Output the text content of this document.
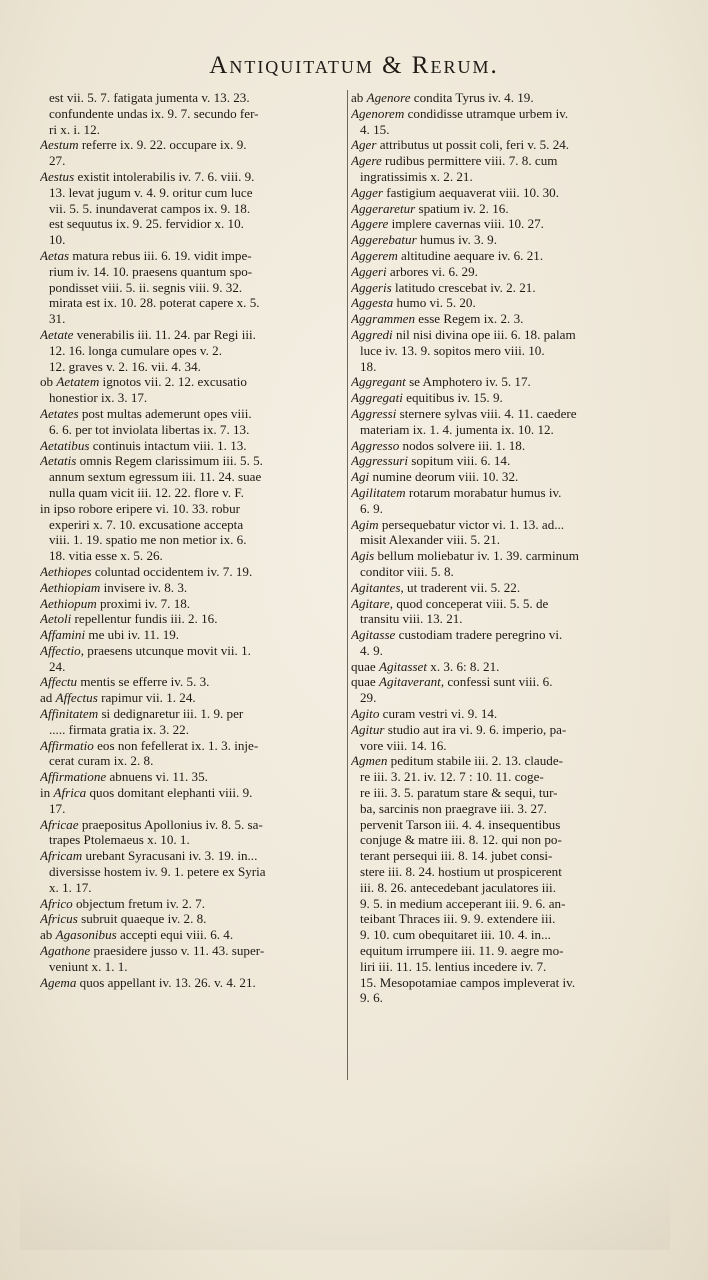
Antiquitatum & Rerum.
est vii. 5. 7. fatigata jumenta v. 13. 23.
confundente undas ix. 9. 7. secundo fer-
ri x. i. 12.
Aestum referre ix. 9. 22. occupare ix. 9.
27.
Aestus existit intolerabilis iv. 7. 6. viii. 9.
13. levat jugum v. 4. 9. oritur cum luce
vii. 5. 5. inundaverat campos ix. 9. 18.
est sequutus ix. 9. 25. fervidior x. 10.
10.
Aetas matura rebus iii. 6. 19. vidit impe-
rium iv. 14. 10. praesens quantum spo-
pondisset viii. 5. ii. segnis viii. 9. 32.
mirata est ix. 10. 28. poterat capere x. 5.
31.
Aetate venerabilis iii. 11. 24. par Regi iii.
12. 16. longa cumulare opes v. 2.
12. graves v. 2. 16. vii. 4. 34.
ob Aetatem ignotos vii. 2. 12. excusatio
honestior ix. 3. 17.
Aetates post multas ademerunt opes viii.
6. 6. per tot inviolata libertas ix. 7. 13.
Aetatibus continuis intactum viii. 1. 13.
Aetatis omnis Regem clarissimum iii. 5. 5.
annum sextum egressum iii. 11. 24. suae
nulla quam vicit iii. 12. 22. flore v. F.
in ipso robore eripere vi. 10. 33. robur
experiri x. 7. 10. excusatione accepta
viii. 1. 19. spatio me non metior ix. 6.
18. vitia esse x. 5. 26.
Aethiopes coluntad occidentem iv. 7. 19.
Aethiopiam invisere iv. 8. 3.
Aethiopum proximi iv. 7. 18.
Aetoli repellentur fundis iii. 2. 16.
Affamini me ubi iv. 11. 19.
Affectio, praesens utcunque movit vii. 1.
24.
Affectu mentis se efferre iv. 5. 3.
ad Affectus rapimur vii. 1. 24.
Affinitatem si dedignaretur iii. 1. 9. per
..... firmata gratia ix. 3. 22.
Affirmatio eos non fefellerat ix. 1. 3. inje-
cerat curam ix. 2. 8.
Affirmatione abnuens vi. 11. 35.
in Africa quos domitant elephanti viii. 9.
17.
Africae praepositus Apollonius iv. 8. 5. sa-
trapes Ptolemaeus x. 10. 1.
Africam urebant Syracusani iv. 3. 19. in...
diversisse hostem iv. 9. 1. petere ex Syria
x. 1. 17.
Africo objectum fretum iv. 2. 7.
Africus subruit quaeque iv. 2. 8.
ab Agasonibus accepti equi viii. 6. 4.
Agathone praesidere jusso v. 11. 43. super-
veniunt x. 1. 1.
Agema quos appellant iv. 13. 26. v. 4. 21.
ab Agenore condita Tyrus iv. 4. 19.
Agenorem condidisse utramque urbem iv.
4. 15.
Ager attributus ut possit coli, feri v. 5. 24.
Agere rudibus permittere viii. 7. 8. cum
ingratissimis x. 2. 21.
Agger fastigium aequaverat viii. 10. 30.
Aggeraretur spatium iv. 2. 16.
Aggere implere cavernas viii. 10. 27.
Aggerebatur humus iv. 3. 9.
Aggerem altitudine aequare iv. 6. 21.
Aggeri arbores vi. 6. 29.
Aggeris latitudo crescebat iv. 2. 21.
Aggesta humo vi. 5. 20.
Aggrammen esse Regem ix. 2. 3.
Aggredi nil nisi divina ope iii. 6. 18. palam
luce iv. 13. 9. sopitos mero viii. 10.
18.
Aggregant se Amphotero iv. 5. 17.
Aggregati equitibus iv. 15. 9.
Aggressi sternere sylvas viii. 4. 11. caedere
materiam ix. 1. 4. jumenta ix. 10. 12.
Aggresso nodos solvere iii. 1. 18.
Aggressuri sopitum viii. 6. 14.
Agi numine deorum viii. 10. 32.
Agilitatem rotarum morabatur humus iv.
6. 9.
Agim persequebatur victor vi. 1. 13. ad...
misit Alexander viii. 5. 21.
Agis bellum moliebatur iv. 1. 39. carminum
conditor viii. 5. 8.
Agitantes, ut traderent vii. 5. 22.
Agitare, quod conceperat viii. 5. 5. de
transitu viii. 13. 21.
Agitasse custodiam tradere peregrino vi.
4. 9.
quae Agitasset x. 3. 6: 8. 21.
quae Agitaverant, confessi sunt viii. 6.
29.
Agito curam vestri vi. 9. 14.
Agitur studio aut ira vi. 9. 6. imperio, pa-
vore viii. 14. 16.
Agmen peditum stabile iii. 2. 13. claude-
re iii. 3. 21. iv. 12. 7 : 10. 11. coge-
re iii. 3. 5. paratum stare & sequi, tur-
ba, sarcinis non praegrave iii. 3. 27.
pervenit Tarson iii. 4. 4. insequentibus
conjuge & matre iii. 8. 12. qui non po-
terant persequi iii. 8. 14. jubet consi-
stere iii. 8. 24. hostium ut prospicerent
iii. 8. 26. antecedebant jaculatores iii.
9. 5. in medium acceperant iii. 9. 6. an-
teibant Thraces iii. 9. 9. extendere iii.
9. 10. cum obequitaret iii. 10. 4. in...
equitum irrumpere iii. 11. 9. aegre mo-
liri iii. 11. 15. lentius incedere iv. 7.
15. Mesopotamiae campos impleverat iv.
9. 6.
